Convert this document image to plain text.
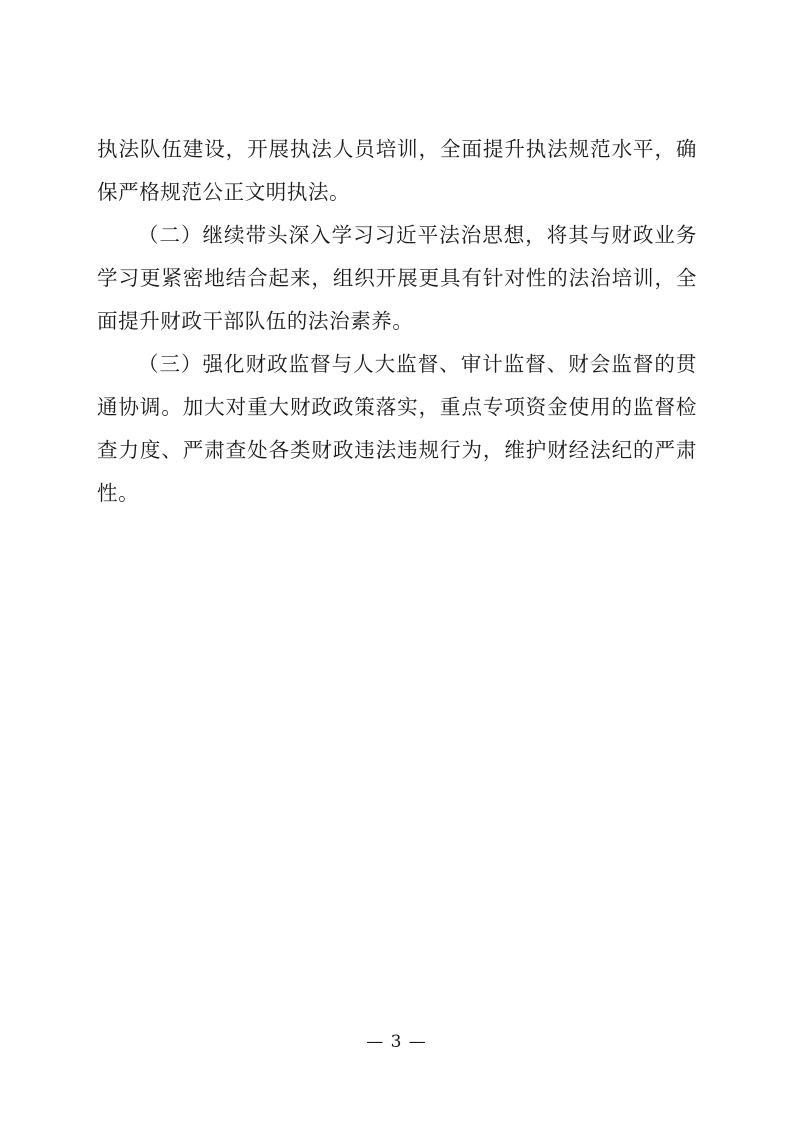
执法队伍建设，开展执法人员培训，全面提升执法规范水平，确保严格规范公正文明执法。

（二）继续带头深入学习习近平法治思想，将其与财政业务学习更紧密地结合起来，组织开展更具有针对性的法治培训，全面提升财政干部队伍的法治素养。

（三）强化财政监督与人大监督、审计监督、财会监督的贯通协调。加大对重大财政政策落实，重点专项资金使用的监督检查力度、严肃查处各类财政违法违规行为，维护财经法纪的严肃性。

— 3 —
